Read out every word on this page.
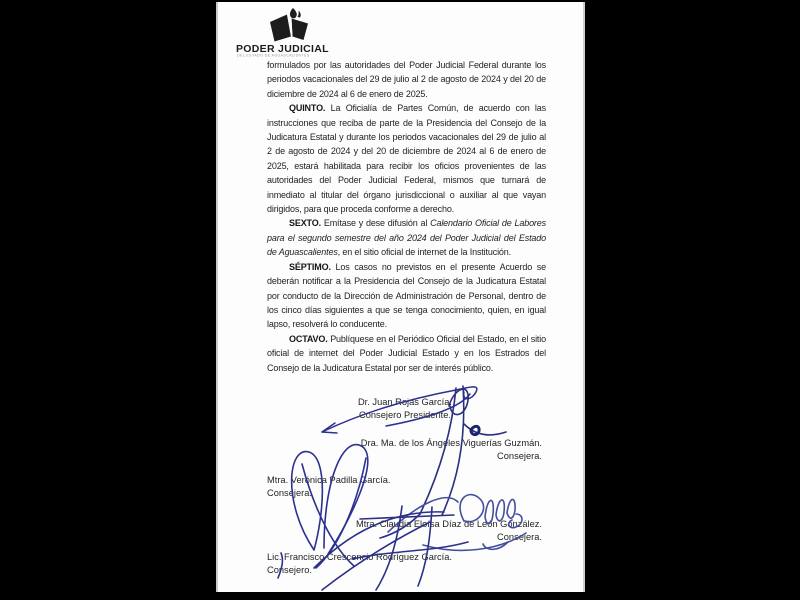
PODER JUDICIAL
DEL ESTADO DE AGUASCALIENTES

formulados por las autoridades del Poder Judicial Federal durante los periodos vacacionales del 29 de julio al 2 de agosto de 2024 y del 20 de diciembre de 2024 al 6 de enero de 2025.

QUINTO. La Oficialía de Partes Común, de acuerdo con las instrucciones que reciba de parte de la Presidencia del Consejo de la Judicatura Estatal y durante los periodos vacacionales del 29 de julio al 2 de agosto de 2024 y del 20 de diciembre de 2024 al 6 de enero de 2025, estará habilitada para recibir los oficios provenientes de las autoridades del Poder Judicial Federal, mismos que turnará de inmediato al titular del órgano jurisdiccional o auxiliar al que vayan dirigidos, para que proceda conforme a derecho.

SEXTO. Emítase y dese difusión al Calendario Oficial de Labores para el segundo semestre del año 2024 del Poder Judicial del Estado de Aguascalientes, en el sitio oficial de internet de la Institución.

SÉPTIMO. Los casos no previstos en el presente Acuerdo se deberán notificar a la Presidencia del Consejo de la Judicatura Estatal por conducto de la Dirección de Administración de Personal, dentro de los cinco días siguientes a que se tenga conocimiento, quien, en igual lapso, resolverá lo conducente.

OCTAVO. Publíquese en el Periódico Oficial del Estado, en el sitio oficial de internet del Poder Judicial Estado y en los Estrados del Consejo de la Judicatura Estatal por ser de interés público.

Dr. Juan Rojas García.
Consejero Presidente.
Dra. Ma. de los Ángeles Viguerías Guzmán.
Consejera.
Mtra. Verónica Padilla García.
Consejera.
Mtra. Claudia Eloísa Díaz de León González.
Consejera.
Lic. Francisco Crescencio Rodríguez García.
Consejero.
